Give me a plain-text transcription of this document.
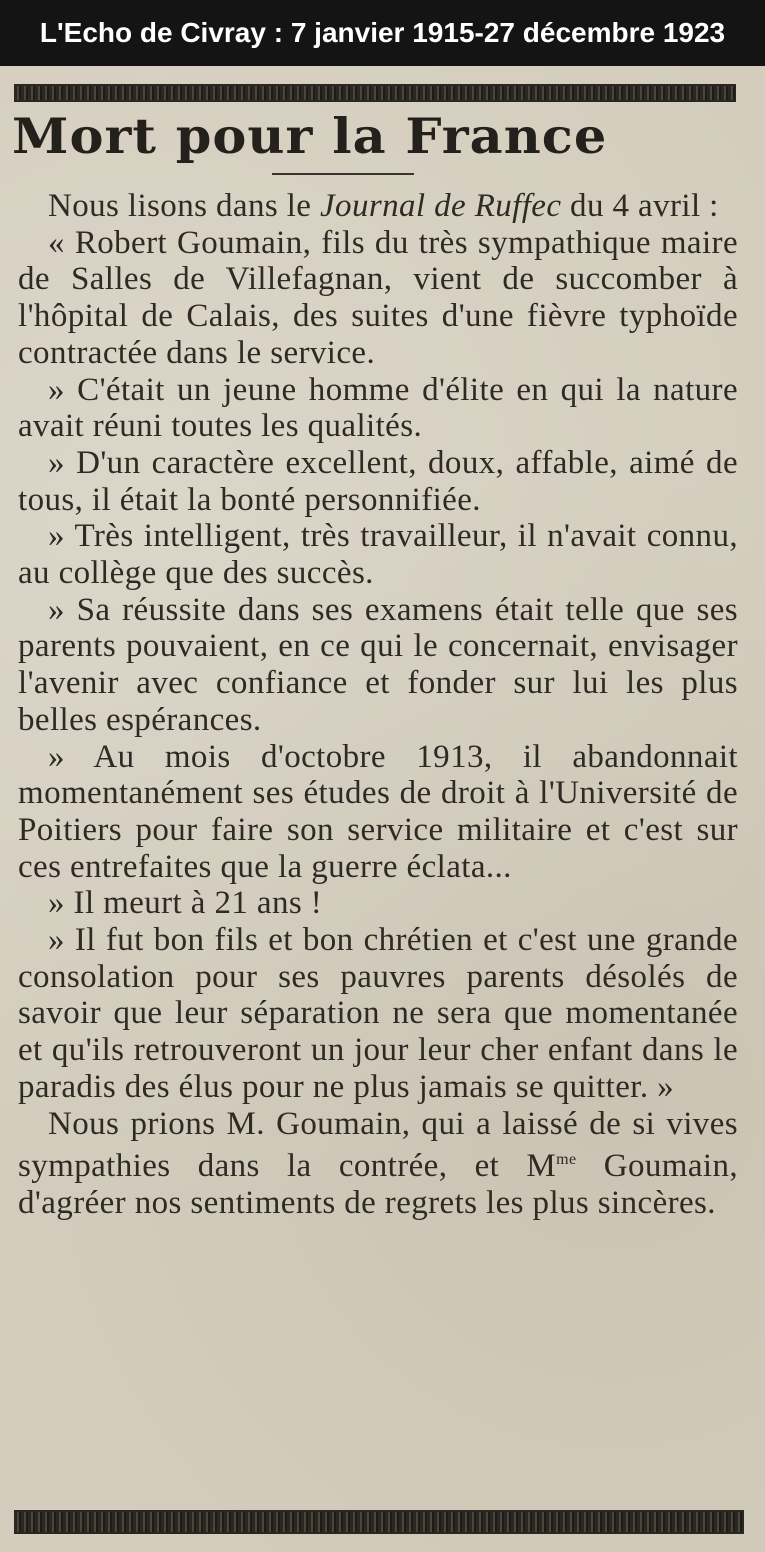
L'Echo de Civray : 7 janvier 1915-27 décembre 1923
Mort pour la France

Nous lisons dans le Journal de Ruffec du 4 avril :

« Robert Goumain, fils du très sympathique maire de Salles de Villefagnan, vient de succomber à l'hôpital de Calais, des suites d'une fièvre typhoïde contractée dans le service.

» C'était un jeune homme d'élite en qui la nature avait réuni toutes les qualités.

» D'un caractère excellent, doux, affable, aimé de tous, il était la bonté personnifiée.

» Très intelligent, très travailleur, il n'avait connu, au collège que des succès.

» Sa réussite dans ses examens était telle que ses parents pouvaient, en ce qui le concernait, envisager l'avenir avec confiance et fonder sur lui les plus belles espérances.

» Au mois d'octobre 1913, il abandonnait momentanément ses études de droit à l'Université de Poitiers pour faire son service militaire et c'est sur ces entrefaites que la guerre éclata...

» Il meurt à 21 ans !

» Il fut bon fils et bon chrétien et c'est une grande consolation pour ses pauvres parents désolés de savoir que leur séparation ne sera que momentanée et qu'ils retrouveront un jour leur cher enfant dans le paradis des élus pour ne plus jamais se quitter. »

Nous prions M. Goumain, qui a laissé de si vives sympathies dans la contrée, et $M^{me}$ Goumain, d'agréer nos sentiments de regrets les plus sincères.
